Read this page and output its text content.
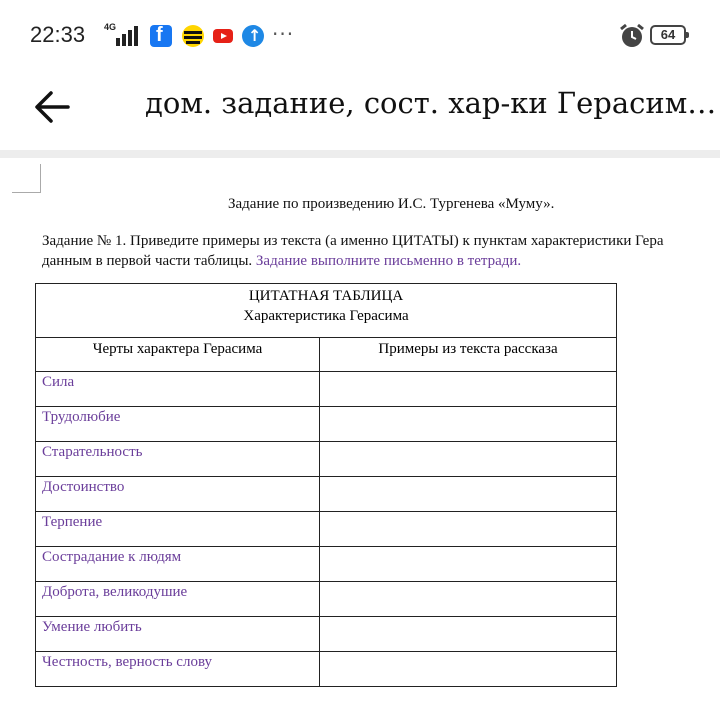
22:33 4G f	↑ ···	64
дом. задание, сост. хар-ки Герасим…
Задание по произведению И.С. Тургенева «Муму».
Задание № 1. Приведите примеры из текста (а именно ЦИТАТЫ) к пунктам характеристики Гера
данным в первой части таблицы. Задание выполните письменно в тетради.
ЦИТАТНАЯ ТАБЛИЦА
Характеристика Герасима	

Черты характера Герасима	Примеры из текста рассказа
Сила	
Трудолюбие	
Старательность	
Достоинство	
Терпение	
Сострадание к людям	
Доброта, великодушие	
Умение любить	
Честность, верность слову	
